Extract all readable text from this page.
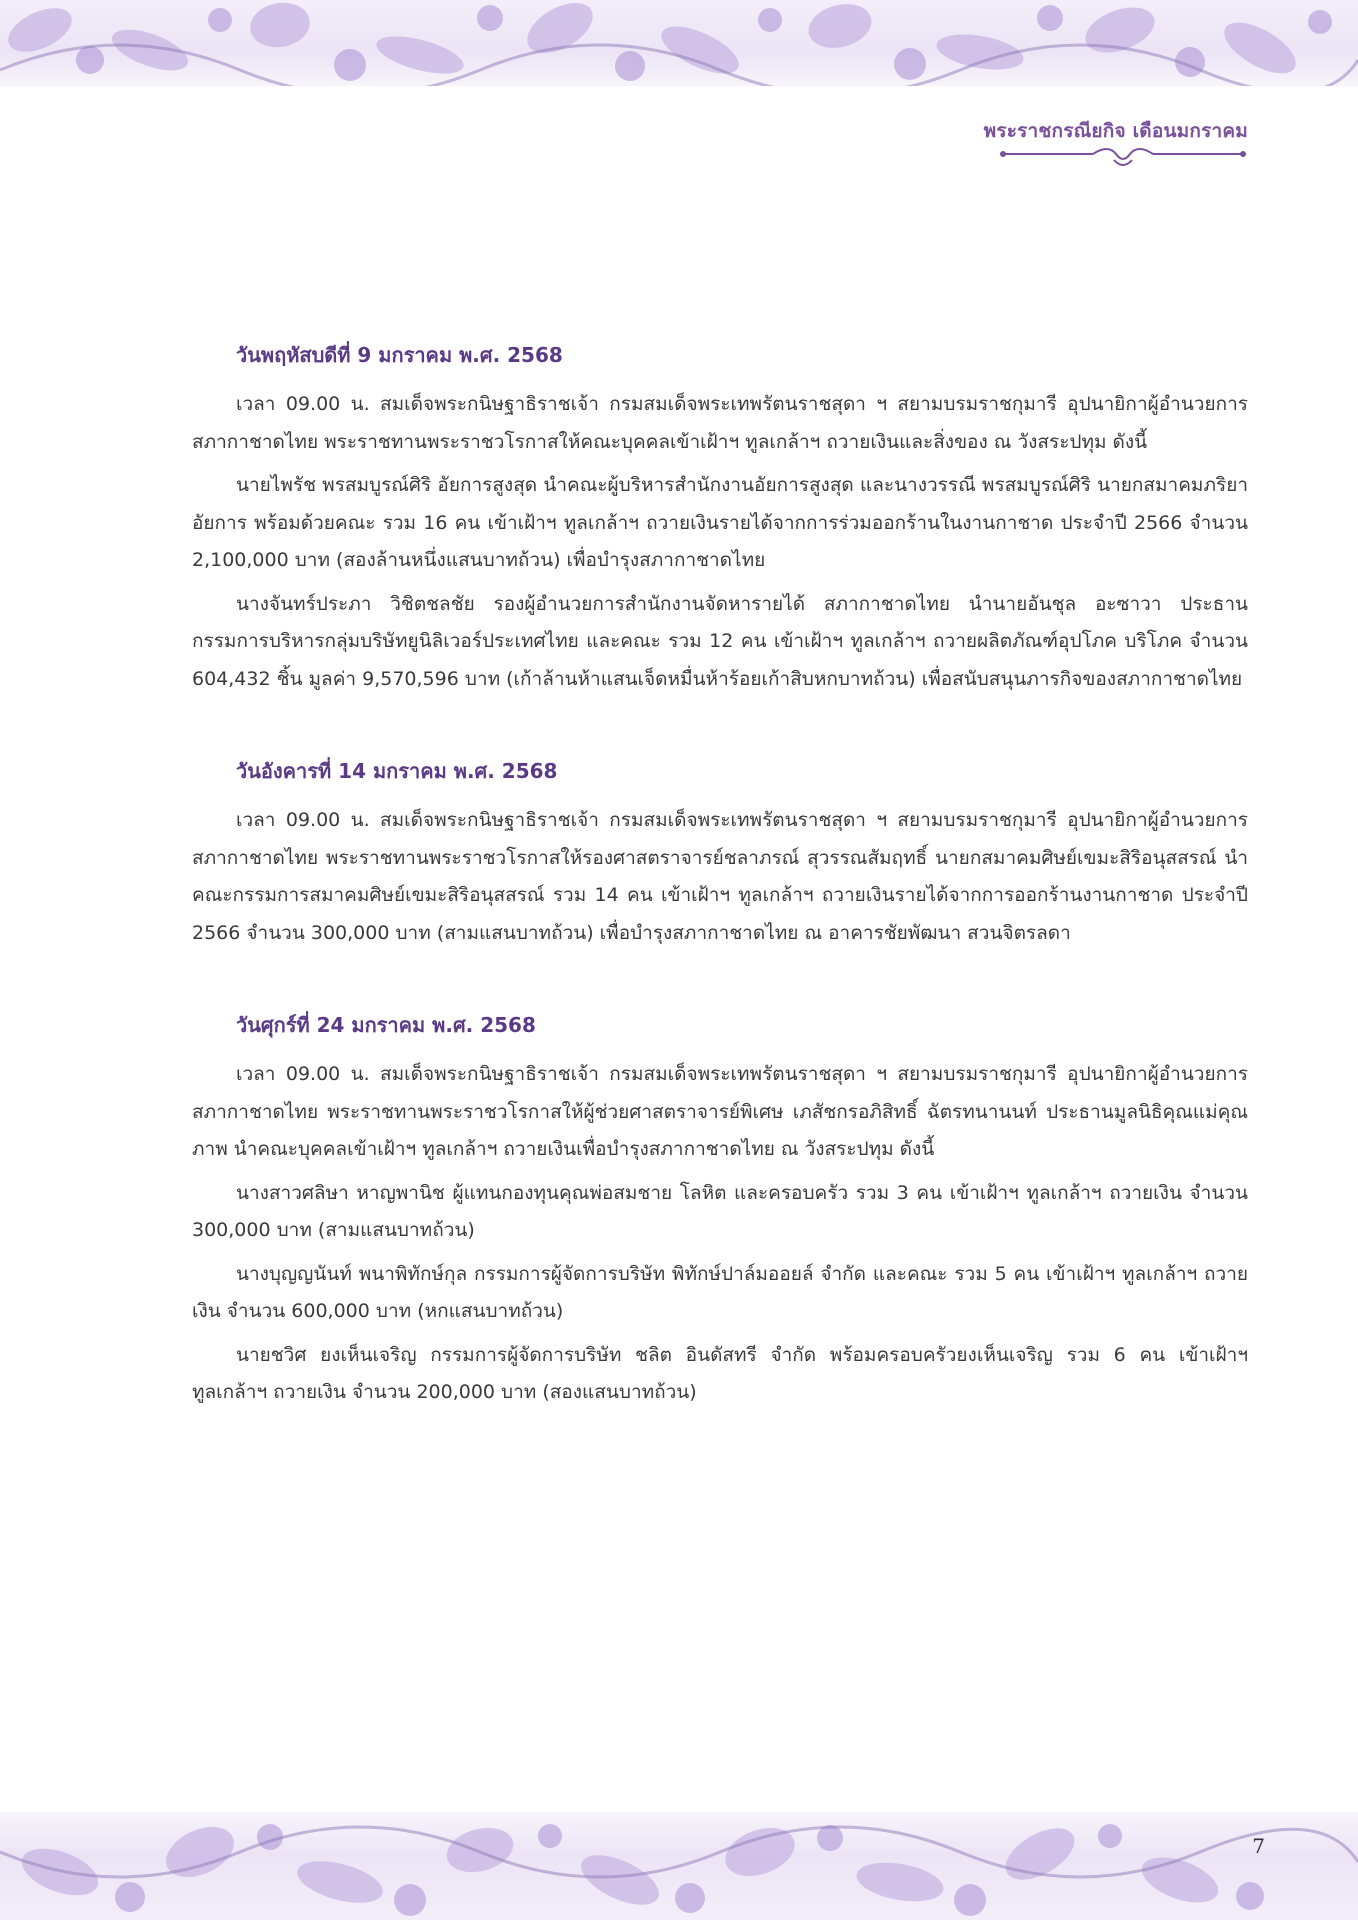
พระราชกรณียกิจ เดือนมกราคม
วันพฤหัสบดีที่ 9 มกราคม พ.ศ. 2568

เวลา 09.00 น. สมเด็จพระกนิษฐาธิราชเจ้า กรมสมเด็จพระเทพรัตนราชสุดา ฯ สยามบรมราชกุมารี อุปนายิกาผู้อำนวยการสภากาชาดไทย พระราชทานพระราชวโรกาสให้คณะบุคคลเข้าเฝ้าฯ ทูลเกล้าฯ ถวายเงินและสิ่งของ ณ วังสระปทุม ดังนี้

นายไพรัช พรสมบูรณ์ศิริ อัยการสูงสุด นำคณะผู้บริหารสำนักงานอัยการสูงสุด และนางวรรณี พรสมบูรณ์ศิริ นายกสมาคมภริยาอัยการ พร้อมด้วยคณะ รวม 16 คน เข้าเฝ้าฯ ทูลเกล้าฯ ถวายเงินรายได้จากการร่วมออกร้านในงานกาชาด ประจำปี 2566 จำนวน 2,100,000 บาท (สองล้านหนึ่งแสนบาทถ้วน) เพื่อบำรุงสภากาชาดไทย

นางจันทร์ประภา วิชิตชลชัย รองผู้อำนวยการสำนักงานจัดหารายได้ สภากาชาดไทย นำนายอันชุล อะซาวา ประธานกรรมการบริหารกลุ่มบริษัทยูนิลิเวอร์ประเทศไทย และคณะ รวม 12 คน เข้าเฝ้าฯ ทูลเกล้าฯ ถวายผลิตภัณฑ์อุปโภค บริโภค จำนวน 604,432 ชิ้น มูลค่า 9,570,596 บาท (เก้าล้านห้าแสนเจ็ดหมื่นห้าร้อยเก้าสิบหกบาทถ้วน) เพื่อสนับสนุนภารกิจของสภากาชาดไทย

วันอังคารที่ 14 มกราคม พ.ศ. 2568

เวลา 09.00 น. สมเด็จพระกนิษฐาธิราชเจ้า กรมสมเด็จพระเทพรัตนราชสุดา ฯ สยามบรมราชกุมารี อุปนายิกาผู้อำนวยการสภากาชาดไทย พระราชทานพระราชวโรกาสให้รองศาสตราจารย์ชลาภรณ์ สุวรรณสัมฤทธิ์ นายกสมาคมศิษย์เขมะสิริอนุสสรณ์ นำคณะกรรมการสมาคมศิษย์เขมะสิริอนุสสรณ์ รวม 14 คน เข้าเฝ้าฯ ทูลเกล้าฯ ถวายเงินรายได้จากการออกร้านงานกาชาด ประจำปี 2566 จำนวน 300,000 บาท (สามแสนบาทถ้วน) เพื่อบำรุงสภากาชาดไทย ณ อาคารชัยพัฒนา สวนจิตรลดา

วันศุกร์ที่ 24 มกราคม พ.ศ. 2568

เวลา 09.00 น. สมเด็จพระกนิษฐาธิราชเจ้า กรมสมเด็จพระเทพรัตนราชสุดา ฯ สยามบรมราชกุมารี อุปนายิกาผู้อำนวยการสภากาชาดไทย พระราชทานพระราชวโรกาสให้ผู้ช่วยศาสตราจารย์พิเศษ เภสัชกรอภิสิทธิ์ ฉัตรทนานนท์ ประธานมูลนิธิคุณแม่คุณภาพ นำคณะบุคคลเข้าเฝ้าฯ ทูลเกล้าฯ ถวายเงินเพื่อบำรุงสภากาชาดไทย ณ วังสระปทุม ดังนี้

นางสาวศลิษา หาญพานิช ผู้แทนกองทุนคุณพ่อสมชาย โลหิต และครอบครัว รวม 3 คน เข้าเฝ้าฯ ทูลเกล้าฯ ถวายเงิน จำนวน 300,000 บาท (สามแสนบาทถ้วน)

นางบุญญนันท์ พนาพิทักษ์กุล กรรมการผู้จัดการบริษัท พิทักษ์ปาล์มออยล์ จำกัด และคณะ รวม 5 คน เข้าเฝ้าฯ ทูลเกล้าฯ ถวายเงิน จำนวน 600,000 บาท (หกแสนบาทถ้วน)

นายชวิศ ยงเห็นเจริญ กรรมการผู้จัดการบริษัท ชลิต อินดัสทรี จำกัด พร้อมครอบครัวยงเห็นเจริญ รวม 6 คน เข้าเฝ้าฯ ทูลเกล้าฯ ถวายเงิน จำนวน 200,000 บาท (สองแสนบาทถ้วน)

7
